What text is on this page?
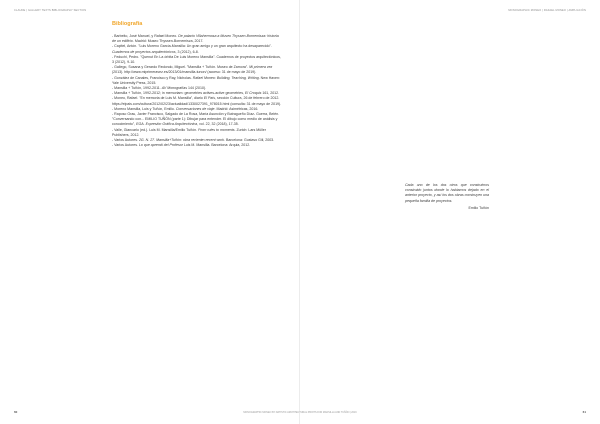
CLAUDE | GALLERY TEXTS BIBLIOGRAPHY SECTION
Bibliografía
- Barbeito, José Manuel, y Rafael Moneo. De palacio Villahermosa a Museo Thyssen-Bornemisza: historia de un edificio. Madrid: Museo Thyssen-Bornemisza, 2017.
- Capitel, Antón. "Luis Moreno García-Mansilla: Un gran amigo y un gran arquitecto ha desaparecido". Cuadernos de proyectos arquitectónicos, 3 (2012), 6-8.
- Feduchi, Pedro. "Quenut En La órbita De Luis Moreno Mansilla". Cuadernos de proyectos arquitectónicos, 3 (2012), 9-10.
- Gallego, Susana y Gerardo Redondo, Miguel. "Mansilla + Tuñón. Museo de Zamora". Mi primera vez (2013). http://www.miprimeravez.es/2013/01/mansilla-tunon/ (acceso: 31 de mayo de 2019).
- González de Canales, Francisco y Ray, Nicholas. Rafael Moneo: Building, Teaching, Writing. New Haven: Yale University Press, 2015.
- Mansilla + Tuñón, 1992-2011. AV Monografías 144 (2010).
- Mansilla + Tuñón, 1992-2012; in memoriam: geometries actives-active geometries, El Croquis 161, 2012.
- Moneo, Rafael. "En memoria de Luis M. Mansilla", diario El País, sección Cultura, 26 de febrero de 2012. https://elpais.com/cultura/2012/02/23/actualidad/1330027391_978015.html (consulta: 31 de mayo de 2019).
- Moreno Mansilla, Luis y Tuñón, Emilio. Conversaciones de viaje. Madrid: Asimétricas, 2016.
- Raposo Grau, Javier Francisco, Salgado de La Rosa, María Asunción y Butragueño Díaz- Guerra, Belén. "Conversando con... EMILIO TUÑÓN (parte 1): Dibujar para entender. El dibujo como medio de análisis y conocimiento", EGA. Expresión Gráfica Arquitectónica, vol. 22, 32 (2018), 17-35.
- Valle, Giancarlo (ed.). Luis M. Mansilla/Emilio Tuñón. From rules to moments. Zurich: Lars Müller Publishers, 2012.
- Varios Autores. 2G. N. 27. Mansilla+Tuñón: obra reciente=recent work. Barcelona: Gustavo Gili, 2003.
- Varios Autores. Lo que aprendí del Profesor Luis M. Mansilla. Barcelona: Arquia, 2012.
60
MONOGRAPHIC MONEO | RAFAEL MONEO | AMPLIACIÓN
61

Cada uno de los dos otros que construimos construido juntos donde lo habíamos dejado en el anterior proyecto, y así los dos obras construyen una pequeña familia de proyectos.

Emilio Tuñón
MONOGRAPHIC MONEO BY ARTISTIC ARCHITECTURAL PRINTS FOR MANSILLA AND TUÑÓN | 2019
